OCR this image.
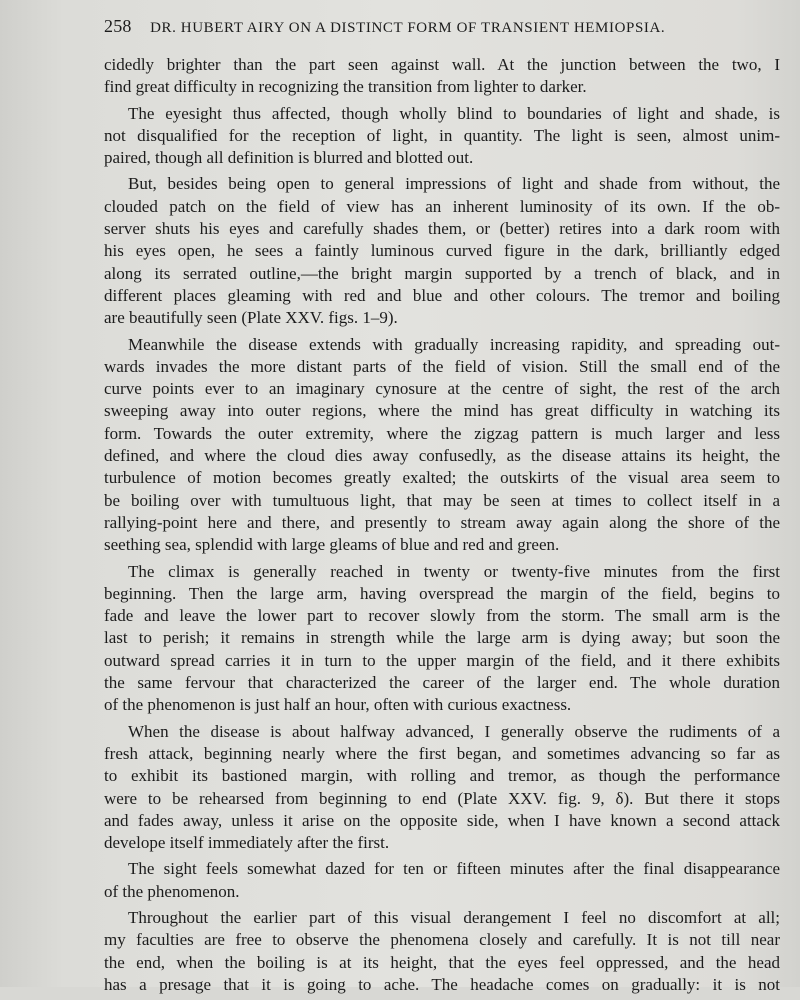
258 DR. HUBERT AIRY ON A DISTINCT FORM OF TRANSIENT HEMIOPSIA.
cidedly brighter than the part seen against wall. At the junction between the two, I
find great difficulty in recognizing the transition from lighter to darker.
The eyesight thus affected, though wholly blind to boundaries of light and shade, is
not disqualified for the reception of light, in quantity. The light is seen, almost unim-
paired, though all definition is blurred and blotted out.
But, besides being open to general impressions of light and shade from without, the
clouded patch on the field of view has an inherent luminosity of its own. If the ob-
server shuts his eyes and carefully shades them, or (better) retires into a dark room with
his eyes open, he sees a faintly luminous curved figure in the dark, brilliantly edged
along its serrated outline,—the bright margin supported by a trench of black, and in
different places gleaming with red and blue and other colours. The tremor and boiling
are beautifully seen (Plate XXV. figs. 1–9).
Meanwhile the disease extends with gradually increasing rapidity, and spreading out-
wards invades the more distant parts of the field of vision. Still the small end of the
curve points ever to an imaginary cynosure at the centre of sight, the rest of the arch
sweeping away into outer regions, where the mind has great difficulty in watching its
form. Towards the outer extremity, where the zigzag pattern is much larger and less
defined, and where the cloud dies away confusedly, as the disease attains its height, the
turbulence of motion becomes greatly exalted; the outskirts of the visual area seem to
be boiling over with tumultuous light, that may be seen at times to collect itself in a
rallying-point here and there, and presently to stream away again along the shore of the
seething sea, splendid with large gleams of blue and red and green.
The climax is generally reached in twenty or twenty-five minutes from the first
beginning. Then the large arm, having overspread the margin of the field, begins to
fade and leave the lower part to recover slowly from the storm. The small arm is the
last to perish; it remains in strength while the large arm is dying away; but soon the
outward spread carries it in turn to the upper margin of the field, and it there exhibits
the same fervour that characterized the career of the larger end. The whole duration
of the phenomenon is just half an hour, often with curious exactness.
When the disease is about halfway advanced, I generally observe the rudiments of a
fresh attack, beginning nearly where the first began, and sometimes advancing so far as
to exhibit its bastioned margin, with rolling and tremor, as though the performance
were to be rehearsed from beginning to end (Plate XXV. fig. 9, δ). But there it stops
and fades away, unless it arise on the opposite side, when I have known a second attack
develope itself immediately after the first.
The sight feels somewhat dazed for ten or fifteen minutes after the final disappearance
of the phenomenon.
Throughout the earlier part of this visual derangement I feel no discomfort at all;
my faculties are free to observe the phenomena closely and carefully. It is not till near
the end, when the boiling is at its height, that the eyes feel oppressed, and the head
has a presage that it is going to ache. The headache comes on gradually: it is not
